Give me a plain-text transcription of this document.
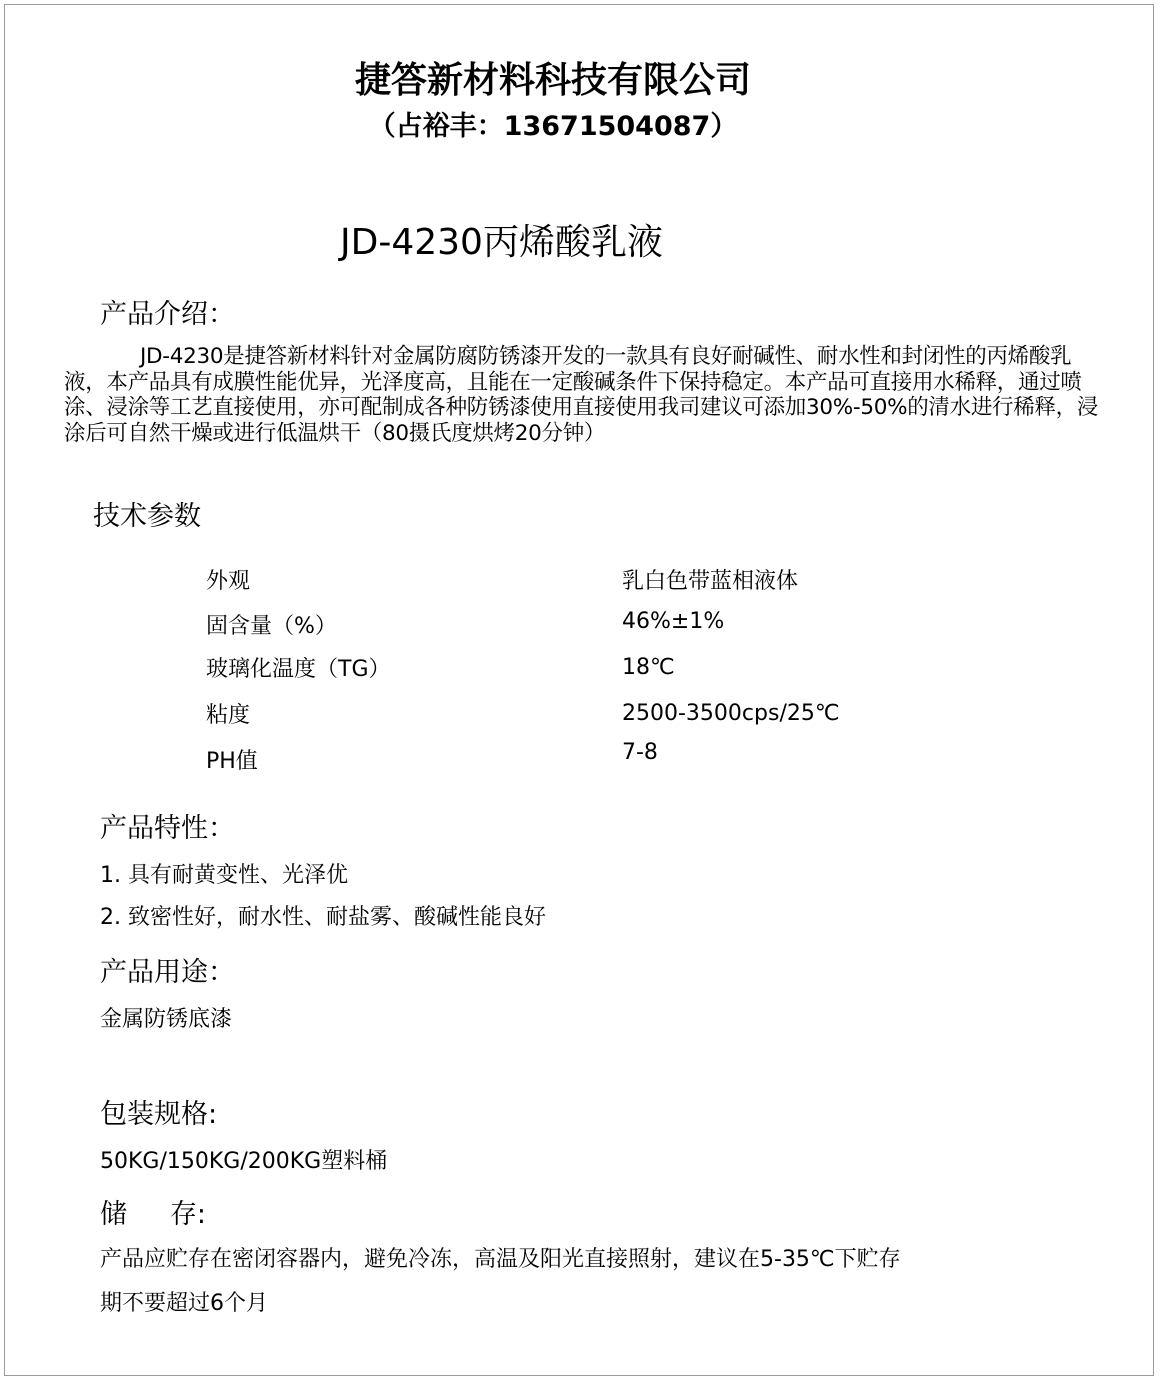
捷答新材料科技有限公司
（占裕丰：13671504087）
JD-4230丙烯酸乳液
产品介绍：
JD-4230是捷答新材料针对金属防腐防锈漆开发的一款具有良好耐碱性、耐水性和封闭性的丙烯酸乳液，本产品具有成膜性能优异，光泽度高，且能在一定酸碱条件下保持稳定。本产品可直接用水稀释，通过喷涂、浸涂等工艺直接使用，亦可配制成各种防锈漆使用直接使用我司建议可添加30%-50%的清水进行稀释，浸涂后可自然干燥或进行低温烘干（80摄氏度烘烤20分钟）
技术参数
外观	乳白色带蓝相液体
固含量（%）	46%±1%
玻璃化温度（TG）	18℃
粘度	2500-3500cps/25℃
PH值	7-8
产品特性：
1. 具有耐黄变性、光泽优
2. 致密性好，耐水性、耐盐雾、酸碱性能良好
产品用途：
金属防锈底漆
包装规格:
50KG/150KG/200KG塑料桶
储     存:
产品应贮存在密闭容器内，避免冷冻，高温及阳光直接照射，建议在5-35℃下贮存
期不要超过6个月
